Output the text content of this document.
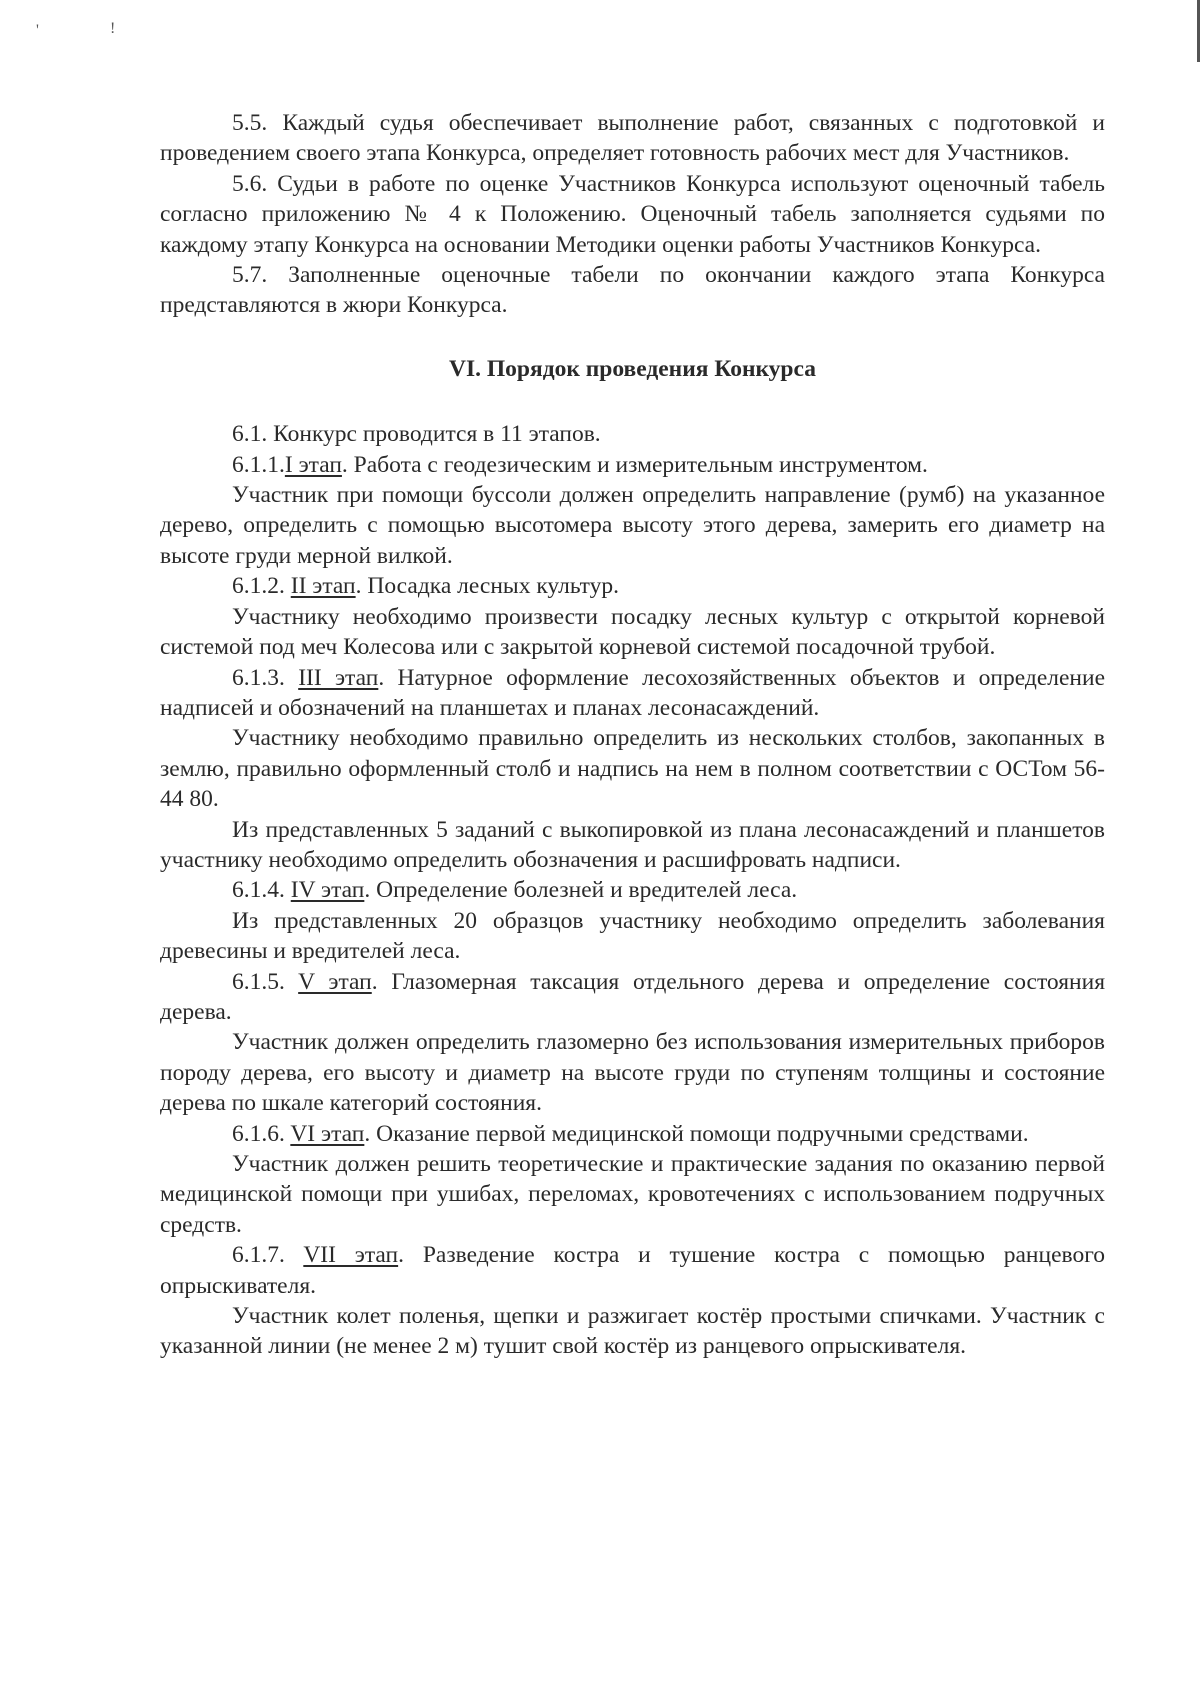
'	!

5.5. Каждый судья обеспечивает выполнение работ, связанных с подготовкой и проведением своего этапа Конкурса, определяет готовность рабочих мест для Участников.

5.6. Судьи в работе по оценке Участников Конкурса используют оценочный табель согласно приложению № 4 к Положению. Оценочный табель заполняется судьями по каждому этапу Конкурса на основании Методики оценки работы Участников Конкурса.

5.7. Заполненные оценочные табели по окончании каждого этапа Конкурса представляются в жюри Конкурса.

VI. Порядок проведения Конкурса

6.1. Конкурс проводится в 11 этапов.

6.1.1.I этап. Работа с геодезическим и измерительным инструментом.

Участник при помощи буссоли должен определить направление (румб) на указанное дерево, определить с помощью высотомера высоту этого дерева, замерить его диаметр на высоте груди мерной вилкой.

6.1.2. II этап. Посадка лесных культур.

Участнику необходимо произвести посадку лесных культур с открытой корневой системой под меч Колесова или с закрытой корневой системой посадочной трубой.

6.1.3. III этап. Натурное оформление лесохозяйственных объектов и определение надписей и обозначений на планшетах и планах лесонасаждений.

Участнику необходимо правильно определить из нескольких столбов, закопанных в землю, правильно оформленный столб и надпись на нем в полном соответствии с ОСТом 56-44 80.

Из представленных 5 заданий с выкопировкой из плана лесонасаждений и планшетов участнику необходимо определить обозначения и расшифровать надписи.

6.1.4. IV этап. Определение болезней и вредителей леса.

Из представленных 20 образцов участнику необходимо определить заболевания древесины и вредителей леса.

6.1.5. V этап. Глазомерная таксация отдельного дерева и определение состояния дерева.

Участник должен определить глазомерно без использования измерительных приборов породу дерева, его высоту и диаметр на высоте груди по ступеням толщины и состояние дерева по шкале категорий состояния.

6.1.6. VI этап. Оказание первой медицинской помощи подручными средствами.

Участник должен решить теоретические и практические задания по оказанию первой медицинской помощи при ушибах, переломах, кровотечениях с использованием подручных средств.

6.1.7. VII этап. Разведение костра и тушение костра с помощью ранцевого опрыскивателя.

Участник колет поленья, щепки и разжигает костёр простыми спичками. Участник с указанной линии (не менее 2 м) тушит свой костёр из ранцевого опрыскивателя.
